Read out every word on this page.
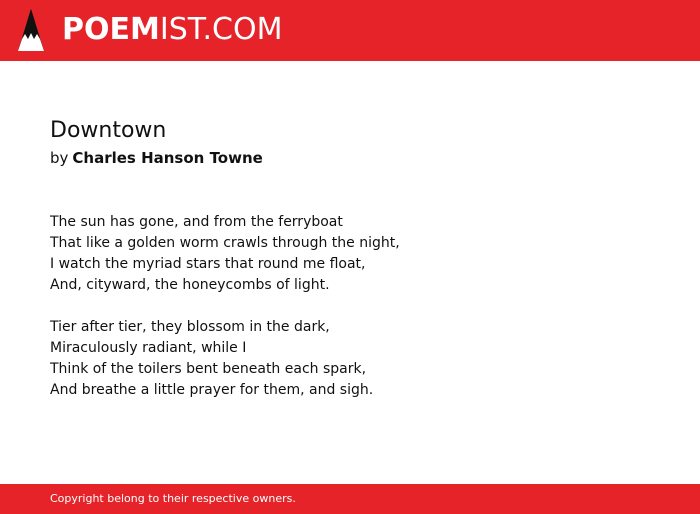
POEMIST.COM
Downtown

by Charles Hanson Towne

The sun has gone, and from the ferryboat
That like a golden worm crawls through the night,
I watch the myriad stars that round me float,
And, cityward, the honeycombs of light.
Tier after tier, they blossom in the dark,
Miraculously radiant, while I
Think of the toilers bent beneath each spark,
And breathe a little prayer for them, and sigh.
Copyright belong to their respective owners.
